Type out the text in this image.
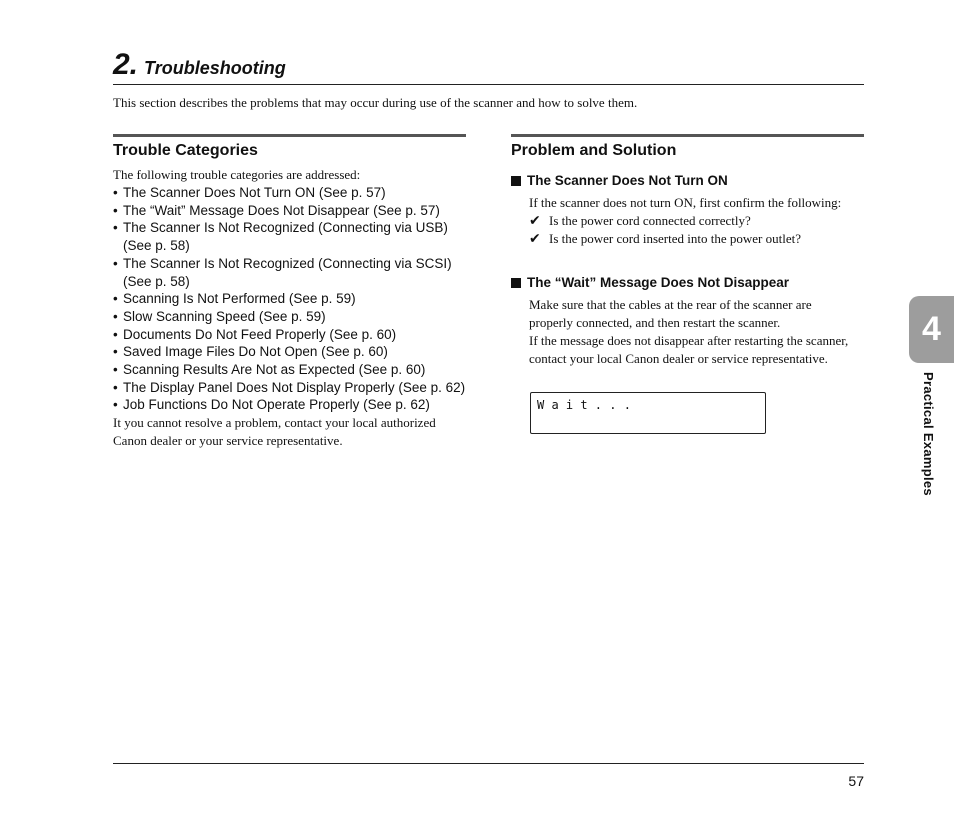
2. Troubleshooting
This section describes the problems that may occur during use of the scanner and how to solve them.
Trouble Categories
The following trouble categories are addressed:
• The Scanner Does Not Turn ON (See p. 57)
• The “Wait” Message Does Not Disappear (See p. 57)
• The Scanner Is Not Recognized (Connecting via USB) (See p. 58)
• The Scanner Is Not Recognized (Connecting via SCSI) (See p. 58)
• Scanning Is Not Performed (See p. 59)
• Slow Scanning Speed (See p. 59)
• Documents Do Not Feed Properly (See p. 60)
• Saved Image Files Do Not Open (See p. 60)
• Scanning Results Are Not as Expected (See p. 60)
• The Display Panel Does Not Display Properly (See p. 62)
• Job Functions Do Not Operate Properly (See p. 62)
It you cannot resolve a problem, contact your local authorized Canon dealer or your service representative.
Problem and Solution
The Scanner Does Not Turn ON
If the scanner does not turn ON, first confirm the following:
✔ Is the power cord connected correctly?
✔ Is the power cord inserted into the power outlet?
The “Wait” Message Does Not Disappear
Make sure that the cables at the rear of the scanner are properly connected, and then restart the scanner.
If the message does not disappear after restarting the scanner, contact your local Canon dealer or service representative.
W a i t . . .
57
4
Practical Examples
